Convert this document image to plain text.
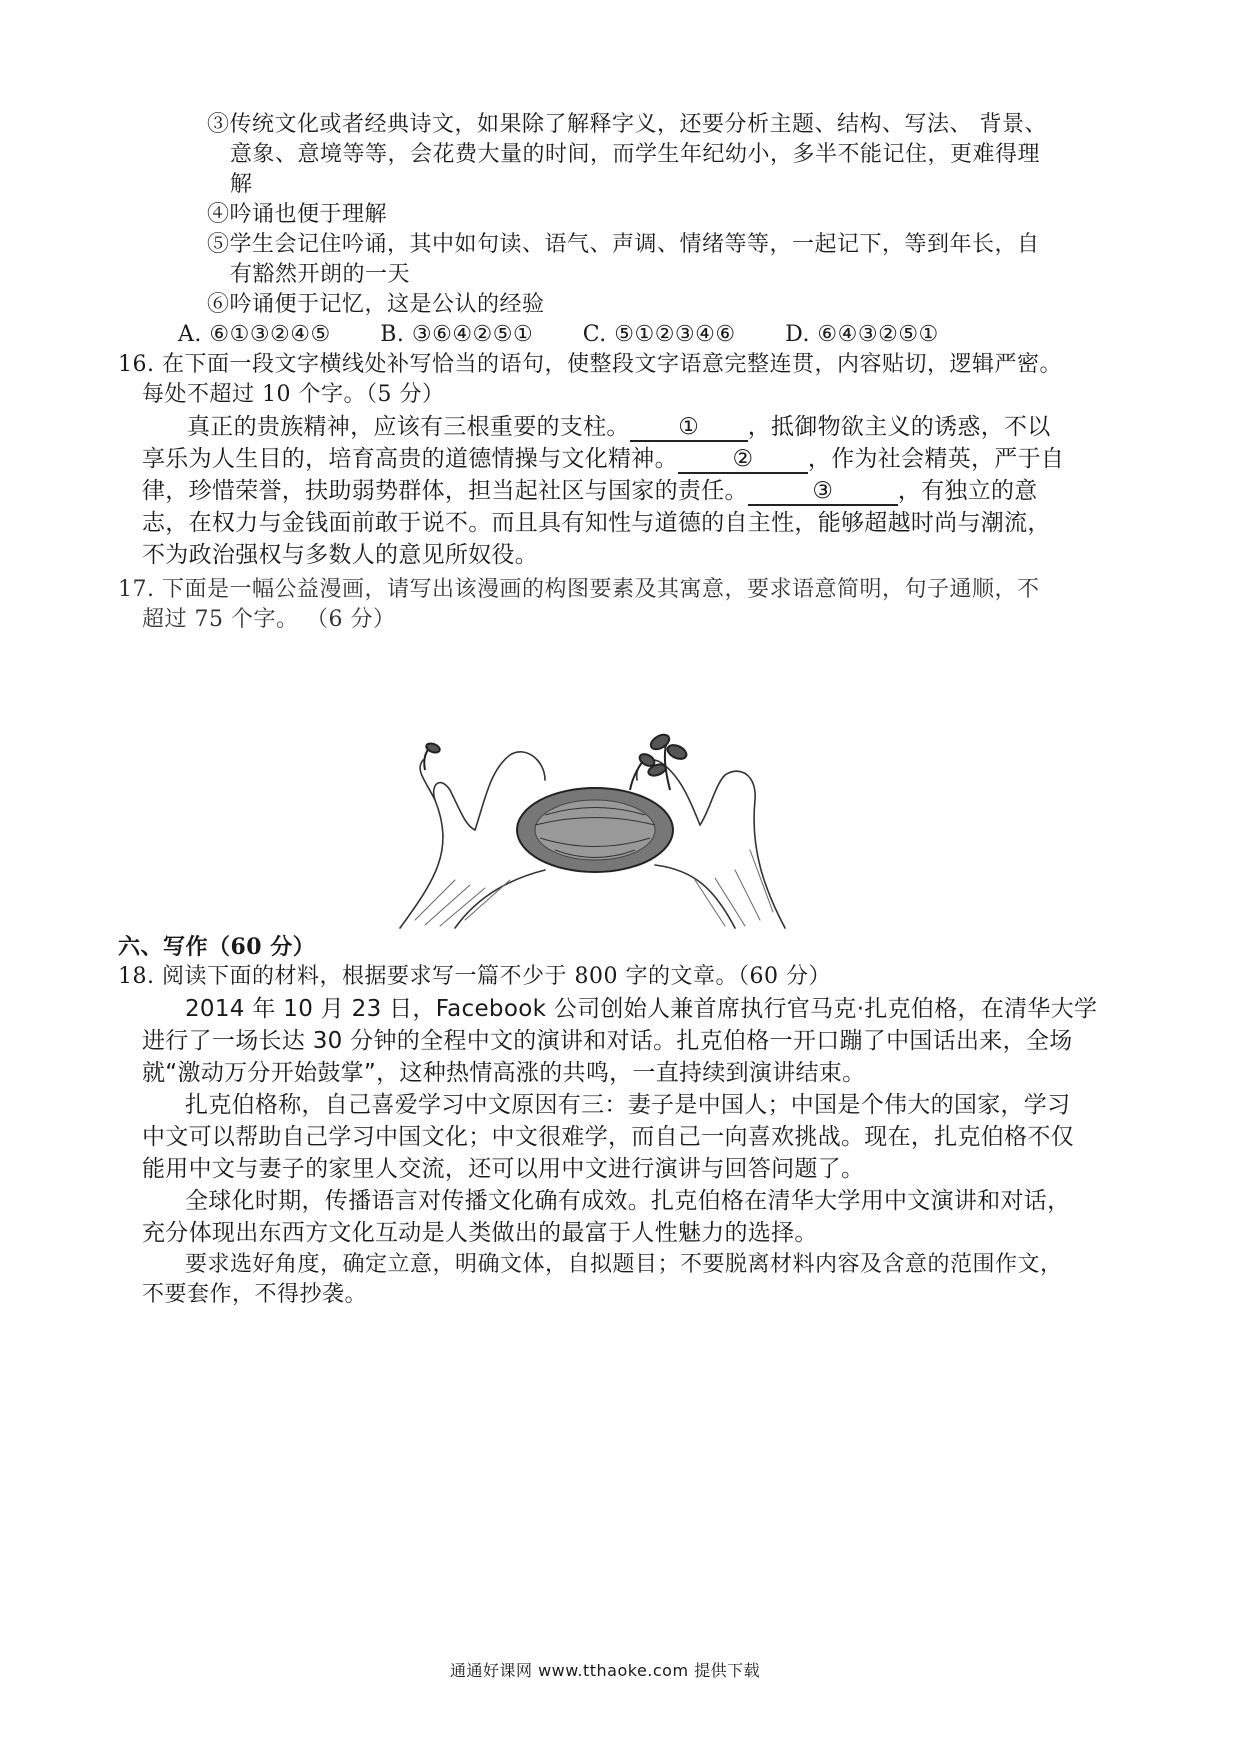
③传统文化或者经典诗文，如果除了解释字义，还要分析主题、结构、写法、 背景、
意象、意境等等，会花费大量的时间，而学生年纪幼小，多半不能记住，更难得理
解
④吟诵也便于理解
⑤学生会记住吟诵，其中如句读、语气、声调、情绪等等，一起记下，等到年长，自
有豁然开朗的一天
⑥吟诵便于记忆，这是公认的经验
A. ⑥①③②④⑤ B. ③⑥④②⑤① C. ⑤①②③④⑥ D. ⑥④③②⑤①
16. 在下面一段文字横线处补写恰当的语句，使整段文字语意完整连贯，内容贴切，逻辑严密。
每处不超过 10 个字。（5 分）
真正的贵族精神，应该有三根重要的支柱。 ① ，抵御物欲主义的诱惑，不以
享乐为人生目的，培育高贵的道德情操与文化精神。 ② ，作为社会精英，严于自
律，珍惜荣誉，扶助弱势群体，担当起社区与国家的责任。	③	，有独立的意
志，在权力与金钱面前敢于说不。而且具有知性与道德的自主性，能够超越时尚与潮流，
不为政治强权与多数人的意见所奴役。
17. 下面是一幅公益漫画，请写出该漫画的构图要素及其寓意，要求语意简明，句子通顺，不
超过 75 个字。 （6 分）
六、写作（60 分）
18. 阅读下面的材料，根据要求写一篇不少于 800 字的文章。（60 分）
2014 年 10 月 23 日，Facebook 公司创始人兼首席执行官马克·扎克伯格，在清华大学
进行了一场长达 30 分钟的全程中文的演讲和对话。扎克伯格一开口蹦了中国话出来，全场
就“激动万分开始鼓掌”，这种热情高涨的共鸣，一直持续到演讲结束。
扎克伯格称，自己喜爱学习中文原因有三：妻子是中国人；中国是个伟大的国家，学习
中文可以帮助自己学习中国文化；中文很难学，而自己一向喜欢挑战。现在，扎克伯格不仅
能用中文与妻子的家里人交流，还可以用中文进行演讲与回答问题了。
全球化时期，传播语言对传播文化确有成效。扎克伯格在清华大学用中文演讲和对话，
充分体现出东西方文化互动是人类做出的最富于人性魅力的选择。
要求选好角度，确定立意，明确文体，自拟题目；不要脱离材料内容及含意的范围作文，
不要套作，不得抄袭。
通通好课网 www.tthaoke.com 提供下载
